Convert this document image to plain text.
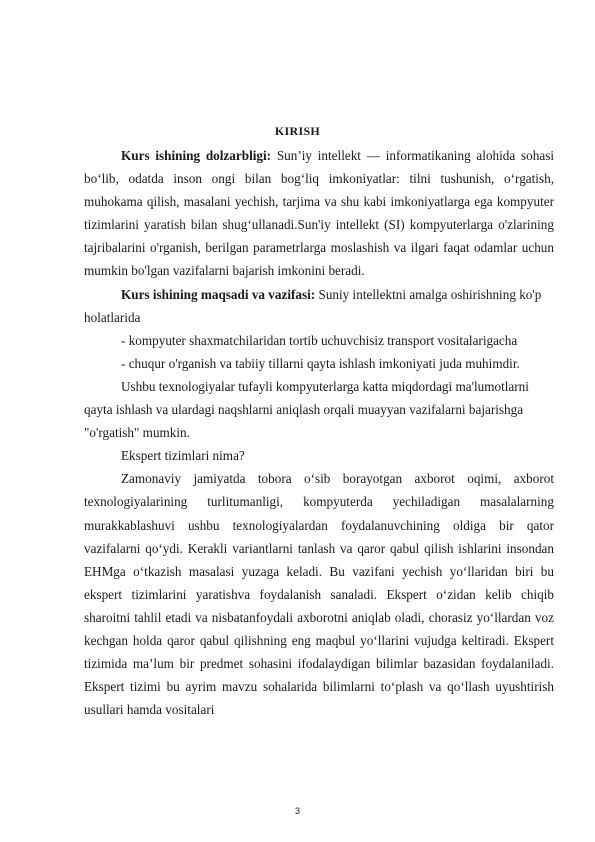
KIRISH

Kurs ishining dolzarbligi: Sun’iy intellekt — informatikaning alohida sohasi bo‘lib, odatda inson ongi bilan bog‘liq imkoniyatlar: tilni tushunish, o‘rgatish, muhokama qilish, masalani yechish, tarjima va shu kabi imkoniyatlarga ega kompyuter tizimlarini yaratish bilan shug‘ullanadi.Sun'iy intellekt (SI) kompyuterlarga o'zlarining tajribalarini o'rganish, berilgan parametrlarga moslashish va ilgari faqat odamlar uchun mumkin bo'lgan vazifalarni bajarish imkonini beradi.

Kurs ishining maqsadi va vazifasi: Suniy intellektni amalga oshirishning ko'p holatlarida

- kompyuter shaxmatchilaridan tortib uchuvchisiz transport vositalarigacha

- chuqur o'rganish va tabiiy tillarni qayta ishlash imkoniyati juda muhimdir.

Ushbu texnologiyalar tufayli kompyuterlarga katta miqdordagi ma'lumotlarni qayta ishlash va ulardagi naqshlarni aniqlash orqali muayyan vazifalarni bajarishga "o'rgatish" mumkin.

Ekspert tizimlari nima?

Zamonaviy jamiyatda tobora o‘sib borayotgan axborot oqimi, axborot texnologiyalarining turlitumanligi, kompyuterda yechiladigan masalalarning murakkablashuvi ushbu texnologiyalardan foydalanuvchining oldiga bir qator vazifalarni qo‘ydi. Kerakli variantlarni tanlash va qaror qabul qilish ishlarini insondan EHMga o‘tkazish masalasi yuzaga keladi. Bu vazifani yechish yo‘llaridan biri bu ekspert tizimlarini yaratishva foydalanish sanaladi. Ekspert o‘zidan kelib chiqib sharoitni tahlil etadi va nisbatanfoydali axborotni aniqlab oladi, chorasiz yo‘llardan voz kechgan holda qaror qabul qilishning eng maqbul yo‘llarini vujudga keltiradi. Ekspert tizimida ma’lum bir predmet sohasini ifodalaydigan bilimlar bazasidan foydalaniladi. Ekspert tizimi bu ayrim mavzu sohalarida bilimlarni to‘plash va qo‘llash uyushtirish usullari hamda vositalari

3
